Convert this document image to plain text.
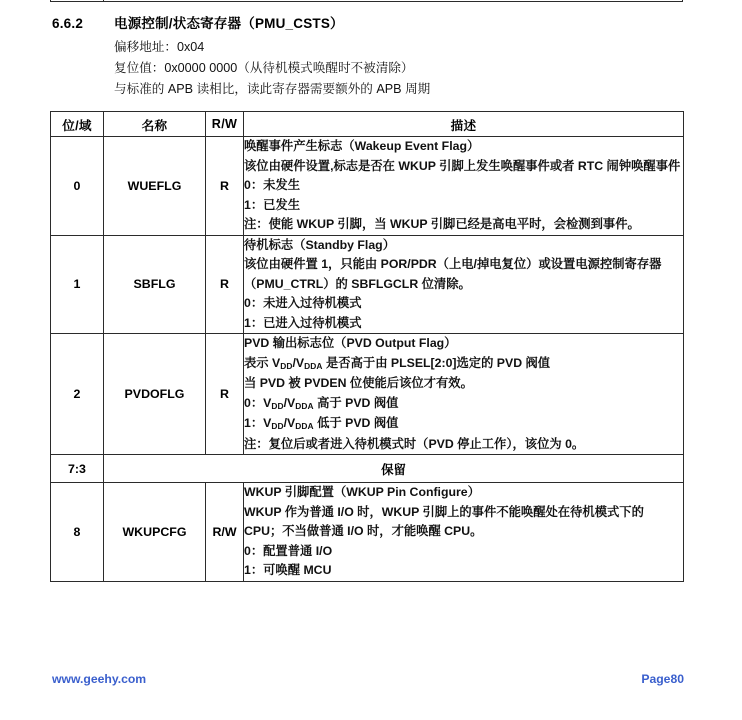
6.6.2	电源控制/状态寄存器（PMU_CSTS）
偏移地址：0x04
复位值：0x0000 0000（从待机模式唤醒时不被清除）
与标准的 APB 读相比，读此寄存器需要额外的 APB 周期
位/域	名称	R/W	描述
0	WUEFLG	R	唤醒事件产生标志（Wakeup Event Flag）
该位由硬件设置,标志是否在 WKUP 引脚上发生唤醒事件或者 RTC 闹钟唤醒事件
0：未发生
1：已发生
注：使能 WKUP 引脚，当 WKUP 引脚已经是高电平时，会检测到事件。

1	SBFLG	R	待机标志（Standby Flag）
该位由硬件置 1，只能由 POR/PDR（上电/掉电复位）或设置电源控制寄存器（PMU_CTRL）的 SBFLGCLR 位清除。
0：未进入过待机模式
1：已进入过待机模式

2	PVDOFLG	R	
PVD 输出标志位（PVD Output Flag）
表示 $V_{DD}/V_{DDA}$ 是否高于由 PLSEL[2:0]选定的 PVD 阀值
当 PVD 被 PVDEN 位使能后该位才有效。
0：$V_{DD}/V_{DDA}$ 高于 PVD 阀值
1：$V_{DD}/V_{DDA}$ 低于 PVD 阀值
注：复位后或者进入待机模式时（PVD 停止工作），该位为 0。

7:3	保留		
8	WKUPCFG	R/W	WKUP 引脚配置（WKUP Pin Configure）
WKUP 作为普通 I/O 时，WKUP 引脚上的事件不能唤醒处在待机模式下的 CPU；不当做普通 I/O 时，才能唤醒 CPU。
0：配置普通 I/O
1：可唤醒 MCU
www.geehy.com	Page80
